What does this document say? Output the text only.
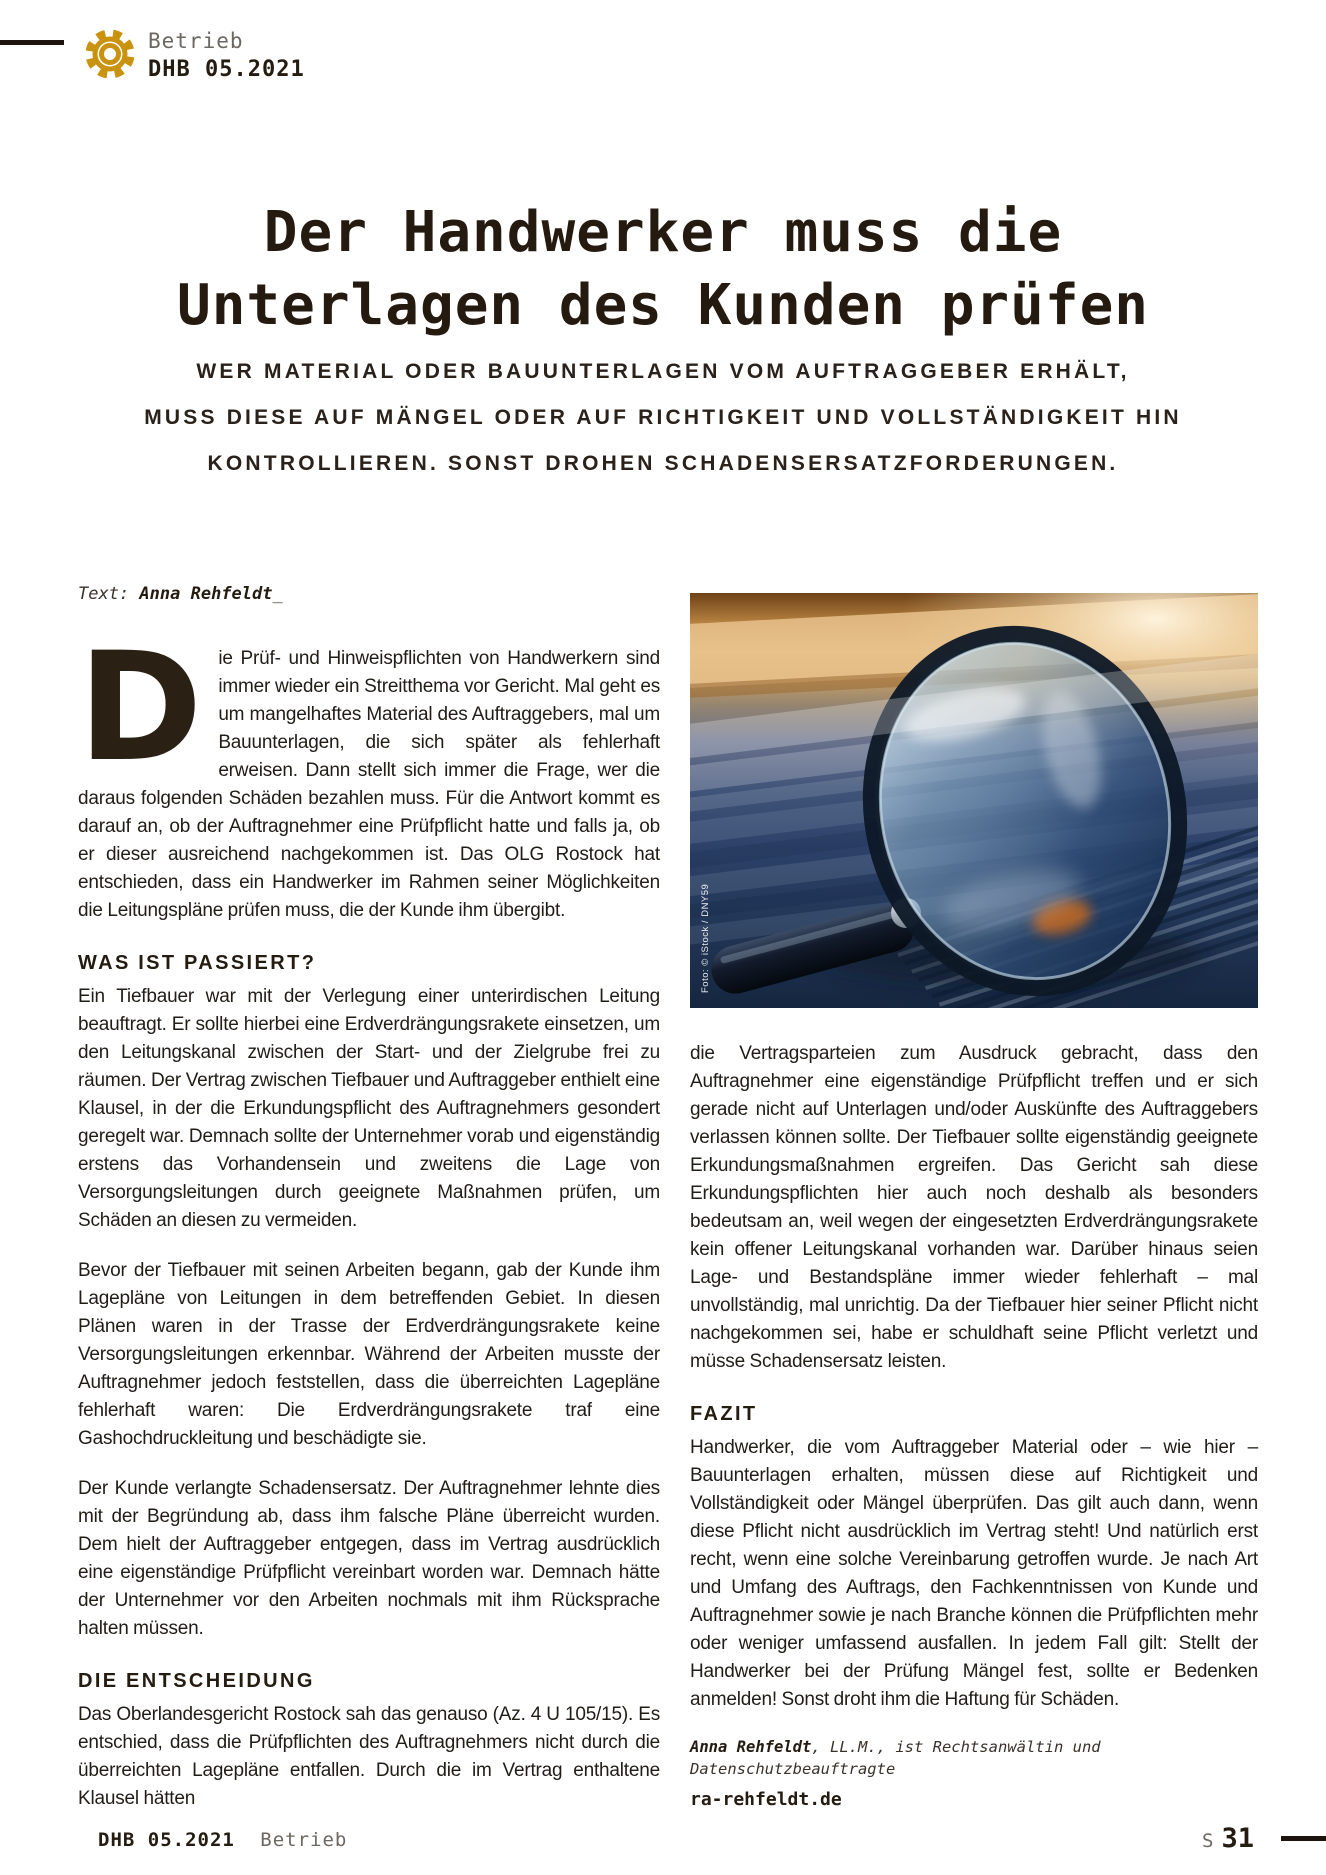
Betrieb
DHB 05.2021
Der Handwerker muss die
Unterlagen des Kunden prüfen
WER MATERIAL ODER BAUUNTERLAGEN VOM AUFTRAGGEBER ERHÄLT,
MUSS DIESE AUF MÄNGEL ODER AUF RICHTIGKEIT UND VOLLSTÄNDIGKEIT HIN
KONTROLLIEREN. SONST DROHEN SCHADENSERSATZFORDERUNGEN.
Text: Anna Rehfeldt_
Foto: © iStock / DNY59

Die Prüf- und Hinweispflichten von Handwerkern sind immer wieder ein Streitthema vor Gericht. Mal geht es um mangelhaftes Material des Auftraggebers, mal um Bauunterlagen, die sich später als fehlerhaft erweisen. Dann stellt sich immer die Frage, wer die daraus folgenden Schäden bezahlen muss. Für die Antwort kommt es darauf an, ob der Auftragnehmer eine Prüfpflicht hatte und falls ja, ob er dieser ausreichend nachgekommen ist. Das OLG Rostock hat entschieden, dass ein Handwerker im Rahmen seiner Möglichkeiten die Leitungspläne prüfen muss, die der Kunde ihm übergibt.

WAS IST PASSIERT?

Ein Tiefbauer war mit der Verlegung einer unterirdischen Leitung beauftragt. Er sollte hierbei eine Erdverdrängungsrakete einsetzen, um den Leitungskanal zwischen der Start- und der Zielgrube frei zu räumen. Der Vertrag zwischen Tiefbauer und Auftraggeber enthielt eine Klausel, in der die Erkundungspflicht des Auftragnehmers gesondert geregelt war. Demnach sollte der Unternehmer vorab und eigenständig erstens das Vorhandensein und zweitens die Lage von Versorgungsleitungen durch geeignete Maßnahmen prüfen, um Schäden an diesen zu vermeiden.

Bevor der Tiefbauer mit seinen Arbeiten begann, gab der Kunde ihm Lagepläne von Leitungen in dem betreffenden Gebiet. In diesen Plänen waren in der Trasse der Erdverdrängungsrakete keine Versorgungsleitungen erkennbar. Während der Arbeiten musste der Auftragnehmer jedoch feststellen, dass die überreichten Lagepläne fehlerhaft waren: Die Erdverdrängungsrakete traf eine Gashochdruckleitung und beschädigte sie.

Der Kunde verlangte Schadensersatz. Der Auftragnehmer lehnte dies mit der Begründung ab, dass ihm falsche Pläne überreicht wurden. Dem hielt der Auftraggeber entgegen, dass im Vertrag ausdrücklich eine eigenständige Prüfpflicht vereinbart worden war. Demnach hätte der Unternehmer vor den Arbeiten nochmals mit ihm Rücksprache halten müssen.

DIE ENTSCHEIDUNG

Das Oberlandesgericht Rostock sah das genauso (Az. 4 U 105/15). Es entschied, dass die Prüfpflichten des Auftragnehmers nicht durch die überreichten Lagepläne entfallen. Durch die im Vertrag enthaltene Klausel hätten

die Vertragsparteien zum Ausdruck gebracht, dass den Auftragnehmer eine eigenständige Prüfpflicht treffen und er sich gerade nicht auf Unterlagen und/oder Auskünfte des Auftraggebers verlassen können sollte. Der Tiefbauer sollte eigenständig geeignete Erkundungsmaßnahmen ergreifen. Das Gericht sah diese Erkundungspflichten hier auch noch deshalb als besonders bedeutsam an, weil wegen der eingesetzten Erdverdrängungsrakete kein offener Leitungskanal vorhanden war. Darüber hinaus seien Lage- und Bestandspläne immer wieder fehlerhaft – mal unvollständig, mal unrichtig. Da der Tiefbauer hier seiner Pflicht nicht nachgekommen sei, habe er schuldhaft seine Pflicht verletzt und müsse Schadensersatz leisten.

FAZIT

Handwerker, die vom Auftraggeber Material oder – wie hier – Bauunterlagen erhalten, müssen diese auf Richtigkeit und Vollständigkeit oder Mängel überprüfen. Das gilt auch dann, wenn diese Pflicht nicht ausdrücklich im Vertrag steht! Und natürlich erst recht, wenn eine solche Vereinbarung getroffen wurde. Je nach Art und Umfang des Auftrags, den Fachkenntnissen von Kunde und Auftragnehmer sowie je nach Branche können die Prüfpflichten mehr oder weniger umfassend ausfallen. In jedem Fall gilt: Stellt der Handwerker bei der Prüfung Mängel fest, sollte er Bedenken anmelden! Sonst droht ihm die Haftung für Schäden.

Anna Rehfeldt, LL.M., ist Rechtsanwältin und Datenschutzbeauftragte
ra-rehfeldt.de
DHB 05.2021 Betrieb	S 31
